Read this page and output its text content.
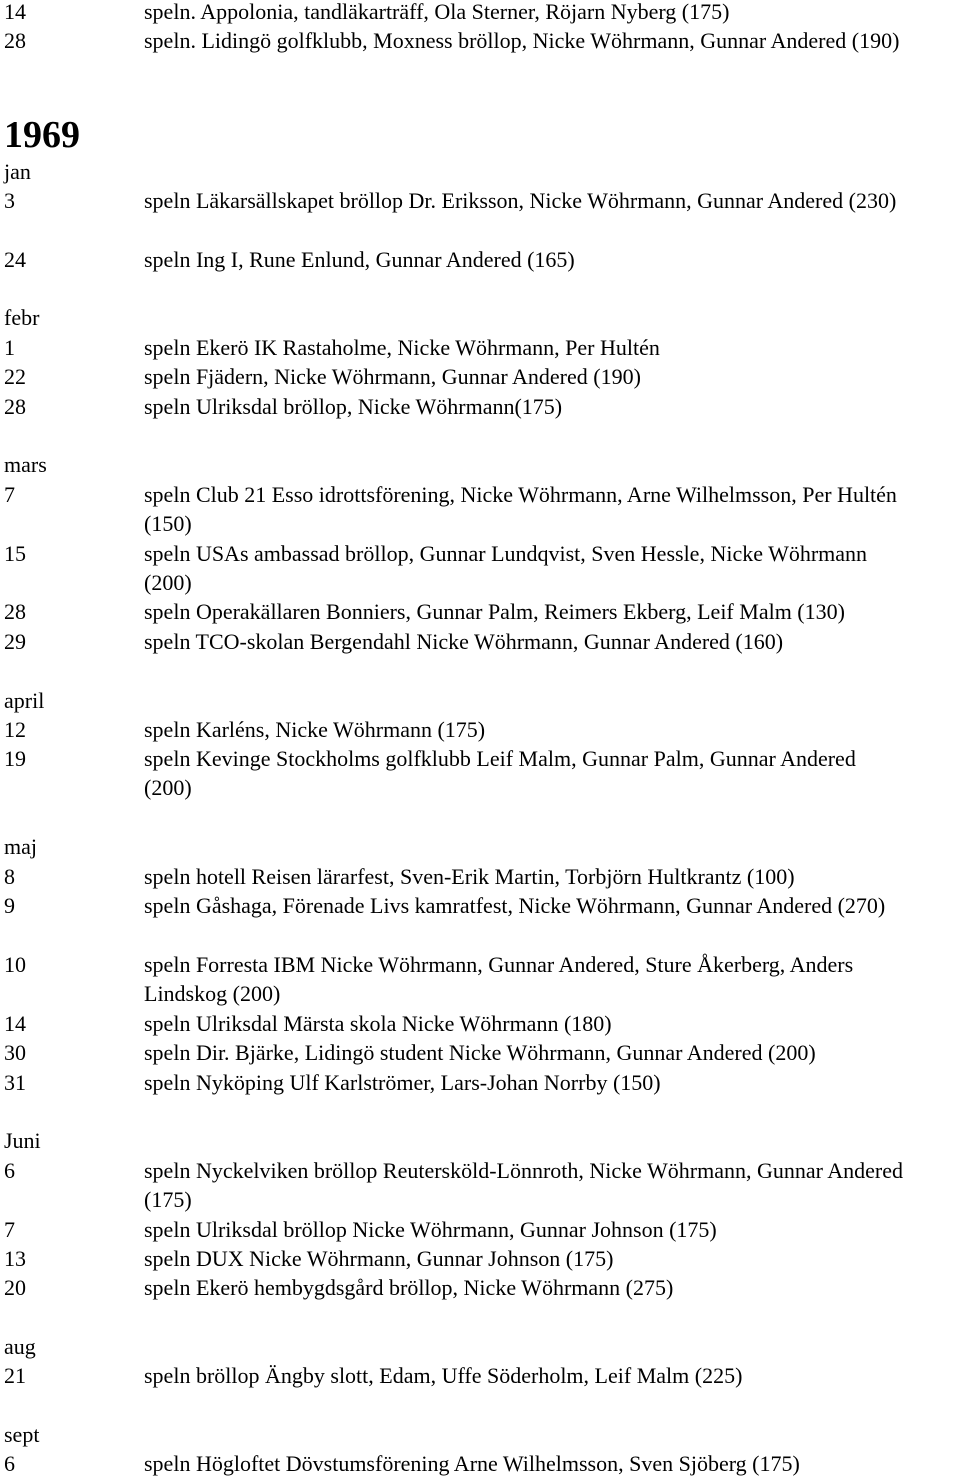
14	speln. Appolonia, tandläkarträff, Ola Sterner, Röjarn Nyberg (175)
28	speln. Lidingö golfklubb, Moxness bröllop, Nicke Wöhrmann, Gunnar Andered (190)
1969
jan
3	speln Läkarsällskapet bröllop Dr. Eriksson, Nicke Wöhrmann, Gunnar Andered (230)
24	speln Ing I, Rune Enlund, Gunnar Andered (165)
febr
1	speln Ekerö IK Rastaholme, Nicke Wöhrmann, Per Hultén
22	speln Fjädern, Nicke Wöhrmann, Gunnar Andered (190)
28	speln Ulriksdal bröllop, Nicke Wöhrmann(175)
mars
7	speln Club 21 Esso idrottsförening, Nicke Wöhrmann, Arne Wilhelmsson, Per Hultén (150)
15	speln USAs ambassad bröllop, Gunnar Lundqvist, Sven Hessle, Nicke Wöhrmann (200)
28	speln Operakällaren Bonniers, Gunnar Palm, Reimers Ekberg, Leif Malm (130)
29	speln TCO-skolan Bergendahl Nicke Wöhrmann, Gunnar Andered (160)
april
12	speln Karléns, Nicke Wöhrmann (175)
19	speln Kevinge Stockholms golfklubb Leif Malm, Gunnar Palm, Gunnar Andered (200)
maj
8	speln hotell Reisen lärarfest, Sven-Erik Martin, Torbjörn Hultkrantz (100)
9	speln Gåshaga, Förenade Livs kamratfest, Nicke Wöhrmann, Gunnar Andered (270)
10	speln Forresta IBM Nicke Wöhrmann, Gunnar Andered, Sture Åkerberg, Anders Lindskog (200)
14	speln Ulriksdal Märsta skola Nicke Wöhrmann (180)
30	speln Dir. Bjärke, Lidingö student Nicke Wöhrmann, Gunnar Andered (200)
31	speln Nyköping Ulf Karlströmer, Lars-Johan Norrby (150)
Juni
6	speln Nyckelviken bröllop Reutersköld-Lönnroth, Nicke Wöhrmann, Gunnar Andered (175)
7	speln Ulriksdal bröllop Nicke Wöhrmann, Gunnar Johnson (175)
13	speln DUX Nicke Wöhrmann, Gunnar Johnson (175)
20	speln Ekerö hembygdsgård bröllop, Nicke Wöhrmann (275)
aug
21	speln bröllop Ängby slott, Edam, Uffe Söderholm, Leif Malm (225)
sept
6	speln Högloftet Dövstumsförening Arne Wilhelmsson, Sven Sjöberg (175)
